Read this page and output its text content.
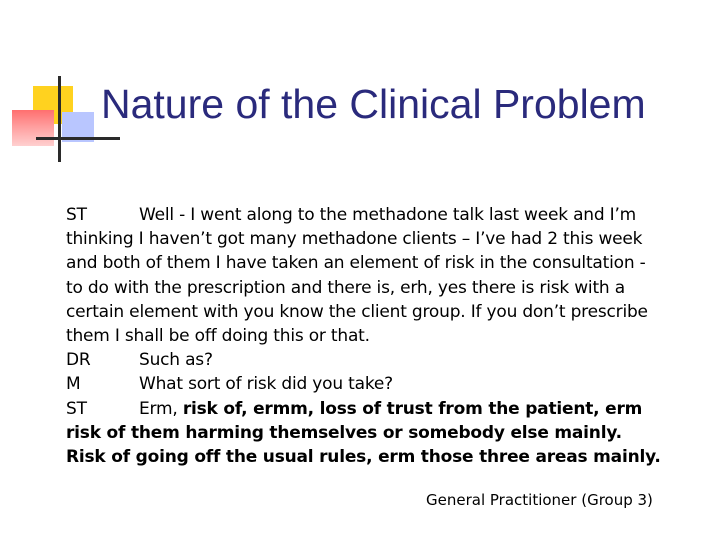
Nature of the Clinical Problem
ST	Well - I went along to the methadone talk last week and I’m
thinking I haven’t got many methadone clients – I’ve had 2 this week
and both of them I have taken an element of risk in the consultation -
to do with the prescription and there is, erh, yes there is risk with a
certain element with you know the client group. If you don’t prescribe
them I shall be off doing this or that.
DR	Such as?
M	What sort of risk did you take?
ST	Erm, risk of, ermm, loss of trust from the patient, erm
risk of them harming themselves or somebody else mainly.
Risk of going off the usual rules, erm those three areas mainly.
General Practitioner (Group 3)
